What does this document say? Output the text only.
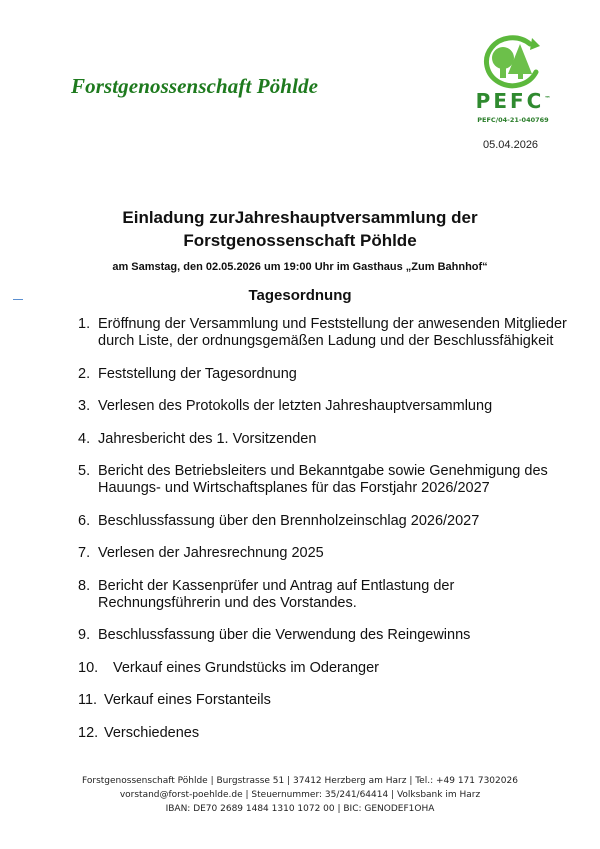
Forstgenossenschaft Pöhlde
PEFC™
PEFC/04-21-040769
05.04.2026
Einladung zurJahreshauptversammlung der
Forstgenossenschaft Pöhlde
am Samstag, den 02.05.2026 um 19:00 Uhr im Gasthaus „Zum Bahnhof“
Tagesordnung
1. Eröffnung der Versammlung und Feststellung der anwesenden Mitglieder durch Liste, der ordnungsgemäßen Ladung und der Beschlussfähigkeit
2. Feststellung der Tagesordnung
3. Verlesen des Protokolls der letzten Jahreshauptversammlung
4. Jahresbericht des 1. Vorsitzenden
5. Bericht des Betriebsleiters und Bekanntgabe sowie Genehmigung des Hauungs- und Wirtschaftsplanes für das Forstjahr 2026/2027
6. Beschlussfassung über den Brennholzeinschlag 2026/2027
7. Verlesen der Jahresrechnung 2025
8. Bericht der Kassenprüfer und Antrag auf Entlastung der Rechnungsführerin und des Vorstandes.
9. Beschlussfassung über die Verwendung des Reingewinns
10.	Verkauf eines Grundstücks im Oderanger
11. Verkauf eines Forstanteils
12. Verschiedenes
Forstgenossenschaft Pöhlde | Burgstrasse 51 | 37412 Herzberg am Harz | Tel.: +49 171 7302026
vorstand@forst-poehlde.de | Steuernummer: 35/241/64414 | Volksbank im Harz
IBAN: DE70 2689 1484 1310 1072 00 | BIC: GENODEF1OHA
